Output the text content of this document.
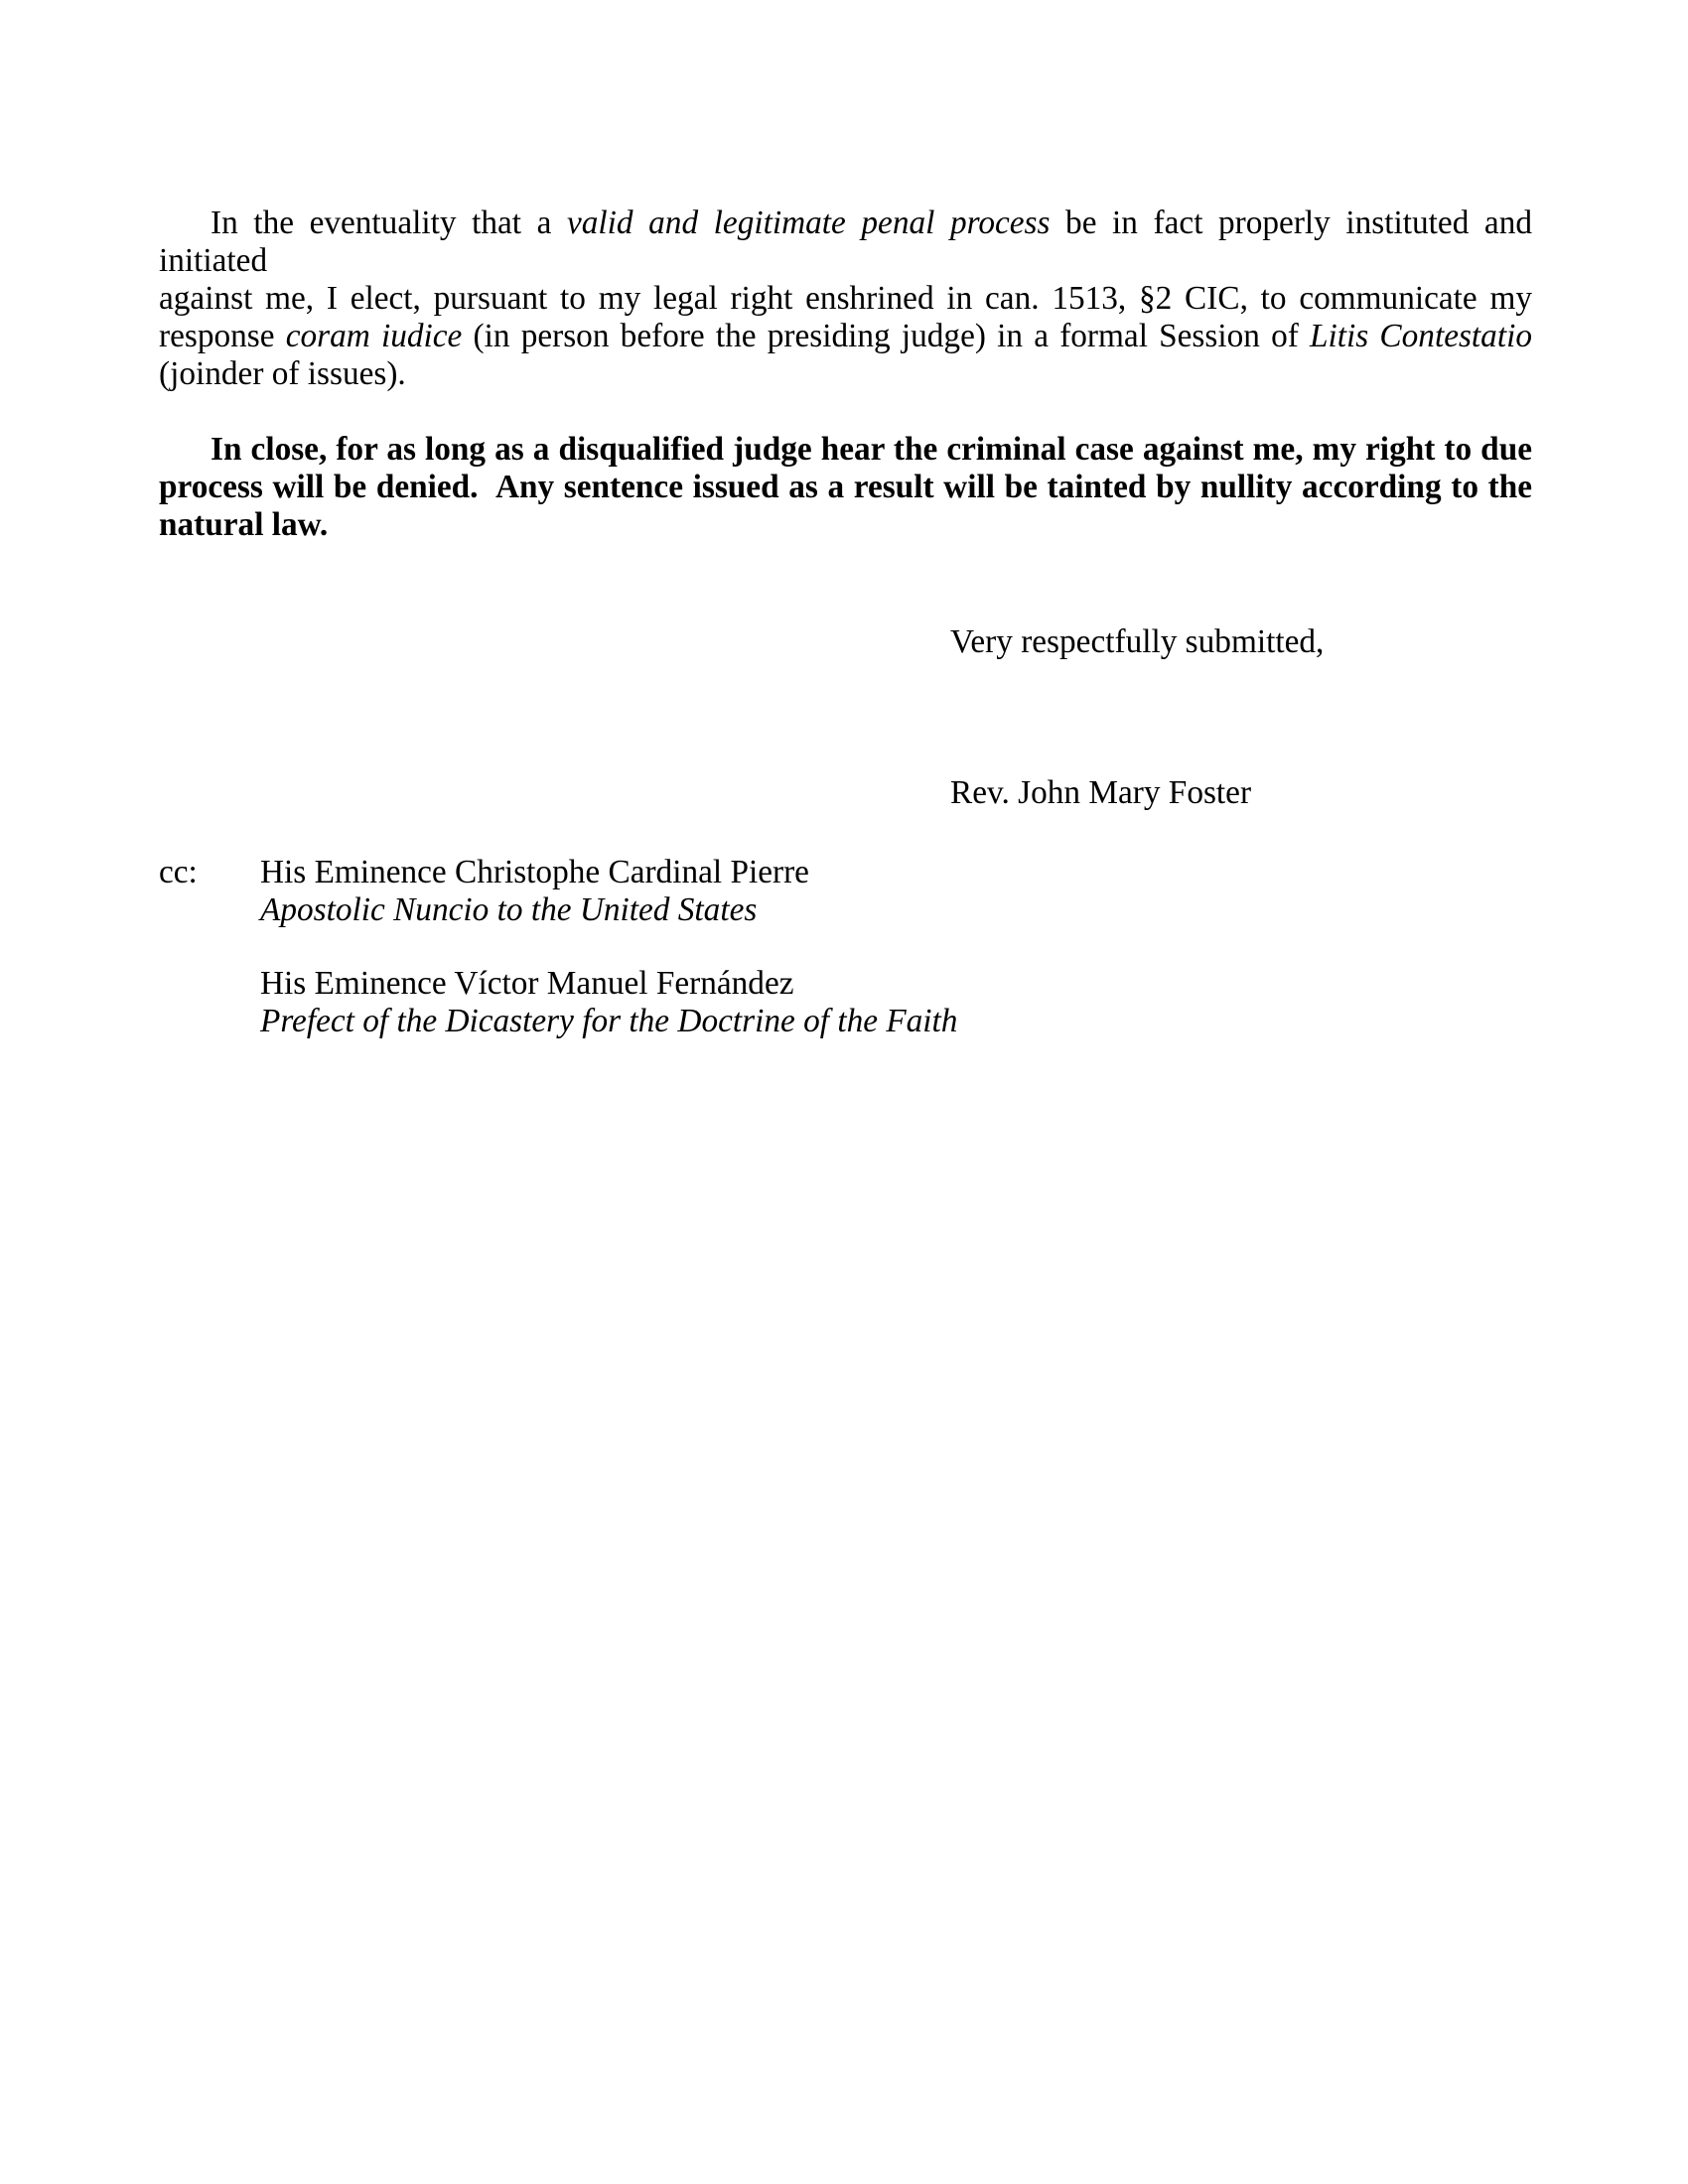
In the eventuality that a valid and legitimate penal process be in fact properly instituted and initiated
against me, I elect, pursuant to my legal right enshrined in can. 1513, §2 CIC, to communicate my
response coram iudice (in person before the presiding judge) in a formal Session of Litis Contestatio
(joinder of issues).
In close, for as long as a disqualified judge hear the criminal case against me, my right to due
process will be denied.  Any sentence issued as a result will be tainted by nullity according to the
natural law.
Very respectfully submitted,
Rev. John Mary Foster
cc:	His Eminence Christophe Cardinal Pierre
Apostolic Nuncio to the United States
His Eminence Víctor Manuel Fernández
Prefect of the Dicastery for the Doctrine of the Faith
